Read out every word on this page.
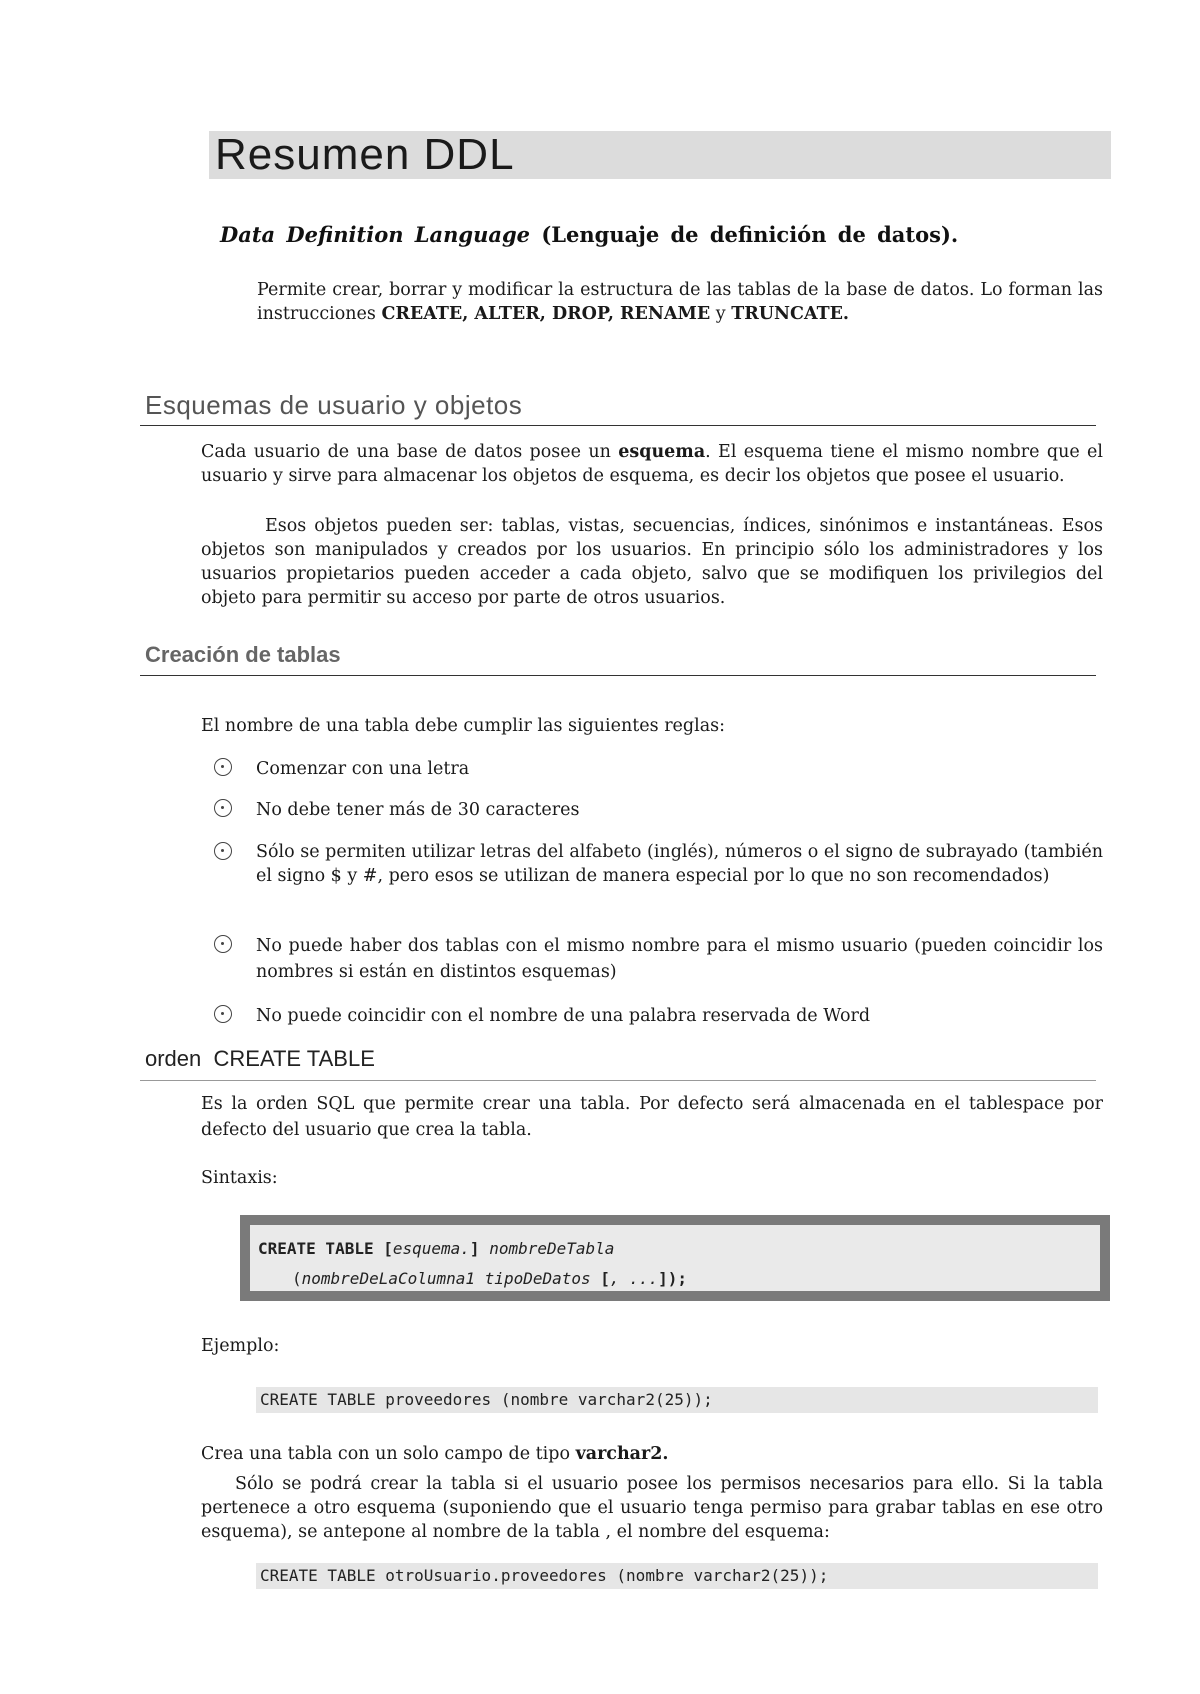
Resumen DDL
Data Definition Language (Lenguaje de definición de datos).
Permite crear, borrar y modificar la estructura de las tablas de la base de datos. Lo forman las instrucciones CREATE, ALTER, DROP, RENAME y TRUNCATE.
Esquemas de usuario y objetos
Cada usuario de una base de datos posee un esquema. El esquema tiene el mismo nombre que el usuario y sirve para almacenar los objetos de esquema, es decir los objetos que posee el usuario.
Esos objetos pueden ser: tablas, vistas, secuencias, índices, sinónimos e instantáneas. Esos objetos son manipulados y creados por los usuarios. En principio sólo los administradores y los usuarios propietarios pueden acceder a cada objeto, salvo que se modifiquen los privilegios del objeto para permitir su acceso por parte de otros usuarios.
Creación de tablas
El nombre de una tabla debe cumplir las siguientes reglas:
Comenzar con una letra
No debe tener más de 30 caracteres
Sólo se permiten utilizar letras del alfabeto (inglés), números o el signo de subrayado (también el signo $ y #, pero esos se utilizan de manera especial por lo que no son recomendados)
No puede haber dos tablas con el mismo nombre para el mismo usuario (pueden coincidir los nombres si están en distintos esquemas)
No puede coincidir con el nombre de una palabra reservada de Word
orden  CREATE TABLE
Es la orden SQL que permite crear una tabla. Por defecto será almacenada en el tablespace por defecto del usuario que crea la tabla.
Sintaxis:
CREATE TABLE [esquema.] nombreDeTabla
(nombreDeLaColumna1 tipoDeDatos [, ...]);
Ejemplo:
CREATE TABLE proveedores (nombre varchar2(25));
Crea una tabla con un solo campo de tipo varchar2.
Sólo se podrá crear la tabla si el usuario posee los permisos necesarios para ello. Si la tabla pertenece a otro esquema (suponiendo que el usuario tenga permiso para grabar tablas en ese otro esquema), se antepone al nombre de la tabla , el nombre del esquema:
CREATE TABLE otroUsuario.proveedores (nombre varchar2(25));
